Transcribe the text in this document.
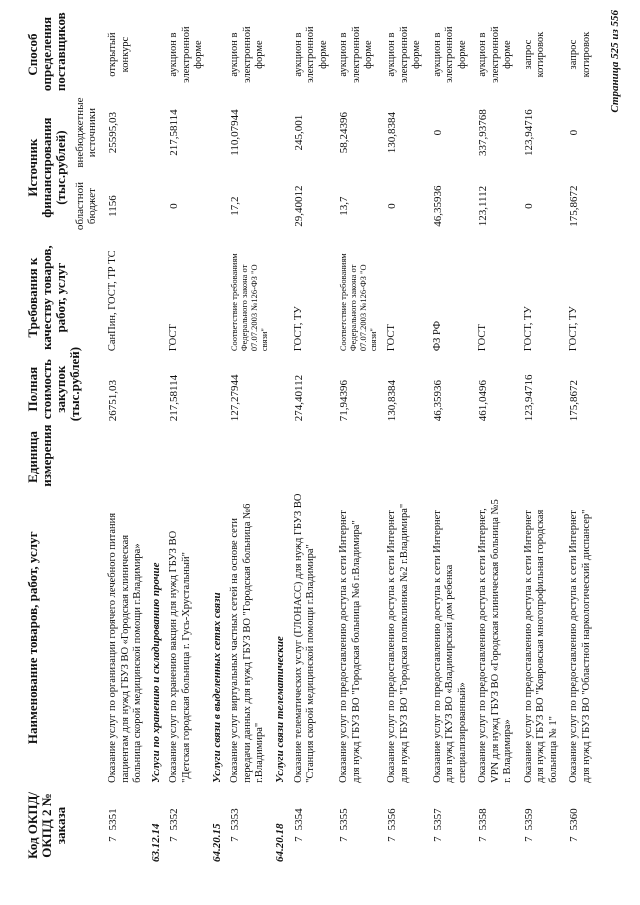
Код ОКПД/ ОКПД 2 № заказа		Наименование товаров, работ, услуг	Единица измерения	Полная стоимость закупок (тыс.рублей)	Требования к качеству товаров, работ, услуг	Источник финансирования (тыс.рублей)		Способ определения поставщиков
						областной бюджет	внебюджетные источники	
7	5351	Оказание услуг по организации горячего лечебного питания пациентам для нужд ГБУЗ ВО «Городская клиническая больница скорой медицинской помощи г.Владимира»		26751,03	СанПин, ГОСТ, ТР ТС	1156	25595,03	открытый конкурс
63.12.14		Услуги по хранению и складированию прочие						
7	5352	Оказание услуг по хранению вакцин для нужд ГБУЗ ВО "Детская городская больница г. Гусь-Хрустальный"		217,58114	ГОСТ	0	217,58114	аукцион в электронной форме
64.20.15		Услуги связи в выделенных сетях связи						
7	5353	Оказание услуг виртуальных частных сетей на основе сети передачи данных для нужд ГБУЗ ВО "Городская больница №6 г.Владимира"		127,27944	Соответствие требованиям Федерального закона от 07.07.2003 №126-ФЗ "О связи"	17,2	110,07944	аукцион в электронной форме
64.20.18		Услуги связи телематические						
7	5354	Оказание телематических услуг (ГЛОНАСС) для нужд ГБУЗ ВО "Станция скорой медицинской помощи г.Владимира"		274,40112	ГОСТ, ТУ	29,40012	245,001	аукцион в электронной форме
7	5355	Оказание услуг по предоставлению доступа к сети Интернет для нужд ГБУЗ ВО "Городская больница №6 г.Владимира"		71,94396	Соответствие требованиям Федерального закона от 07.07.2003 №126-ФЗ "О связи"	13,7	58,24396	аукцион в электронной форме
7	5356	Оказание услуг по предоставлению доступа к сети Интернет для нужд ГБУЗ ВО "Городская поликлиника №2 г.Владимира"		130,8384	ГОСТ	0	130,8384	аукцион в электронной форме
7	5357	Оказание услуг по предоставлению доступа к сети Интернет для нужд ГКУЗ ВО «Владимирский дом ребенка специализированный»		46,35936	ФЗ РФ	46,35936	0	аукцион в электронной форме
7	5358	Оказание услуг по предоставлению доступа к сети Интернет, VPN для нужд ГБУЗ ВО «Городская клиническая больница №5 г. Владимира»		461,0496	ГОСТ	123,1112	337,93768	аукцион в электронной форме
7	5359	Оказание услуг по предоставлению доступа к сети Интернет для нужд ГБУЗ ВО "Ковровская многопрофильная городская больница № 1"		123,94716	ГОСТ, ТУ	0	123,94716	запрос котировок
7	5360	Оказание услуг по предоставлению доступа к сети Интернет для нужд ГБУЗ ВО "Областной наркологический диспансер"		175,8672	ГОСТ, ТУ	175,8672	0	запрос котировок Страница 525 из 556
